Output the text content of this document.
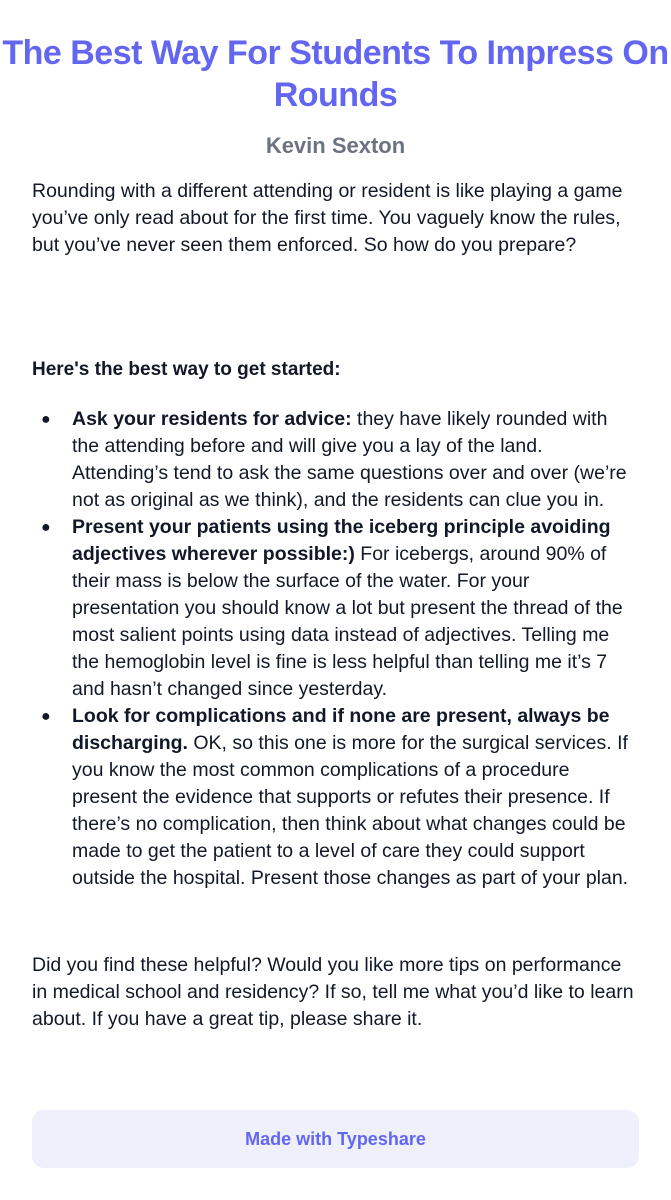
The Best Way For Students To Impress On Rounds
Kevin Sexton

Rounding with a different attending or resident is like playing a game you’ve only read about for the first time. You vaguely know the rules, but you’ve never seen them enforced. So how do you prepare?

Here's the best way to get started:

● Ask your residents for advice: they have likely rounded with the attending before and will give you a lay of the land. Attending’s tend to ask the same questions over and over (we’re not as original as we think), and the residents can clue you in.
● Present your patients using the iceberg principle avoiding adjectives wherever possible:) For icebergs, around 90% of their mass is below the surface of the water. For your presentation you should know a lot but present the thread of the most salient points using data instead of adjectives. Telling me the hemoglobin level is fine is less helpful than telling me it’s 7 and hasn’t changed since yesterday.
● Look for complications and if none are present, always be discharging. OK, so this one is more for the surgical services. If you know the most common complications of a procedure present the evidence that supports or refutes their presence. If there’s no complication, then think about what changes could be made to get the patient to a level of care they could support outside the hospital. Present those changes as part of your plan.

Did you find these helpful? Would you like more tips on performance in medical school and residency? If so, tell me what you’d like to learn about. If you have a great tip, please share it.

Made with Typeshare
